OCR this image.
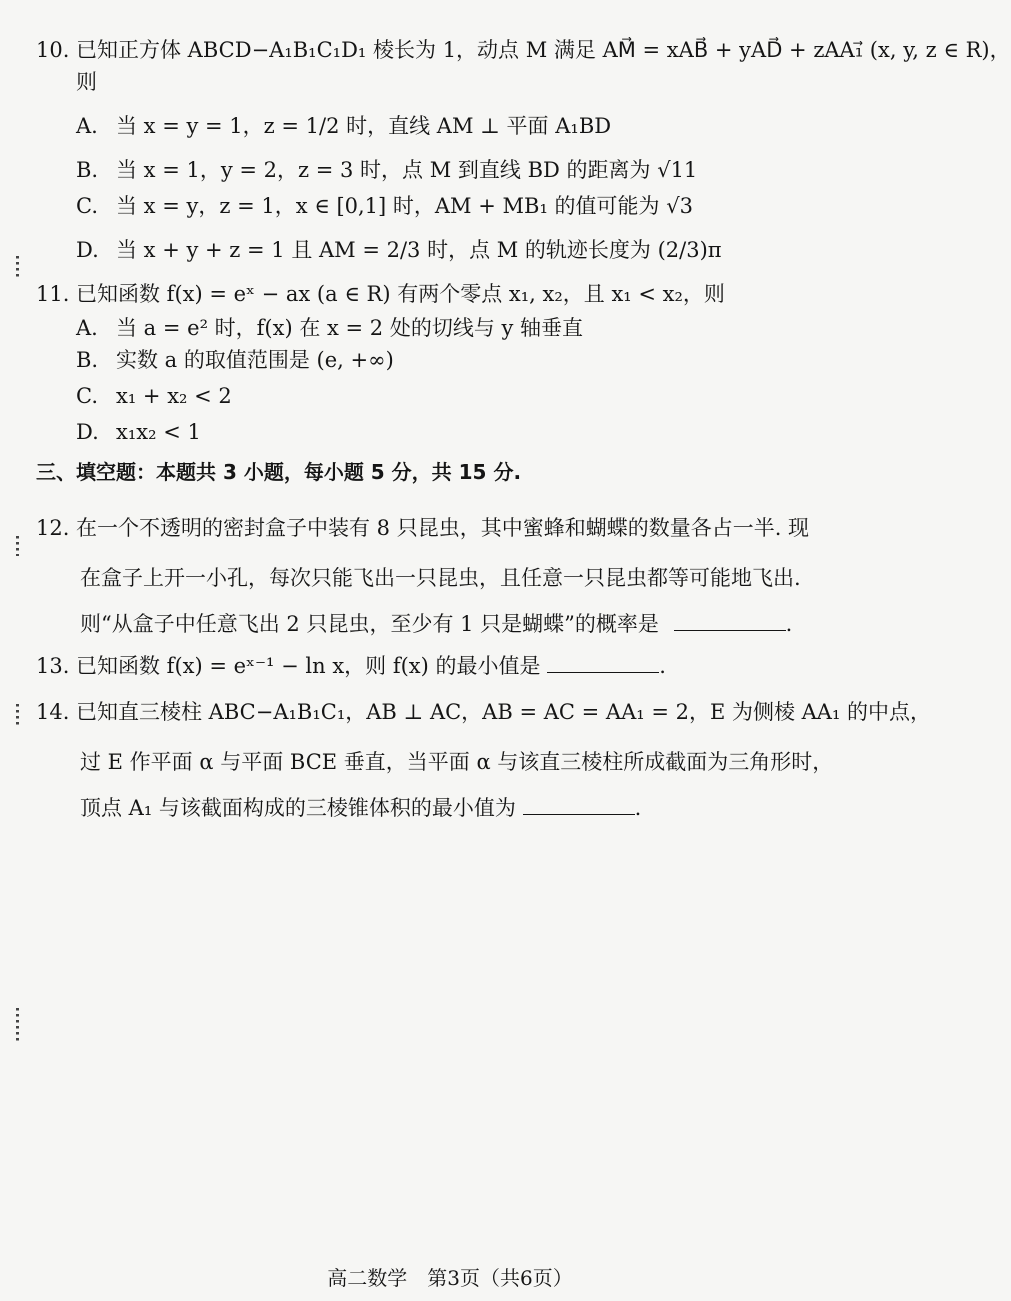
10. 已知正方体 ABCD−A₁B₁C₁D₁ 棱长为 1，动点 M 满足 AM⃗ = xAB⃗ + yAD⃗ + zAA₁⃗ (x, y, z ∈ R)，
则
A. 当 x = y = 1，z = 1/2 时，直线 AM ⊥ 平面 A₁BD
B. 当 x = 1，y = 2，z = 3 时，点 M 到直线 BD 的距离为 √11
C. 当 x = y，z = 1，x ∈ [0,1] 时，AM + MB₁ 的值可能为 √3
D. 当 x + y + z = 1 且 AM = 2/3 时，点 M 的轨迹长度为 (2/3)π
11. 已知函数 f(x) = eˣ − ax (a ∈ R) 有两个零点 x₁, x₂，且 x₁ < x₂，则
A. 当 a = e² 时，f(x) 在 x = 2 处的切线与 y 轴垂直
B. 实数 a 的取值范围是 (e, +∞)
C. x₁ + x₂ < 2
D. x₁x₂ < 1
三、填空题：本题共 3 小题，每小题 5 分，共 15 分.
12. 在一个不透明的密封盒子中装有 8 只昆虫，其中蜜蜂和蝴蝶的数量各占一半. 现
在盒子上开一小孔，每次只能飞出一只昆虫，且任意一只昆虫都等可能地飞出.
则“从盒子中任意飞出 2 只昆虫，至少有 1 只是蝴蝶”的概率是	.
13. 已知函数 f(x) = eˣ⁻¹ − ln x，则 f(x) 的最小值是	.
14. 已知直三棱柱 ABC−A₁B₁C₁，AB ⊥ AC，AB = AC = AA₁ = 2，E 为侧棱 AA₁ 的中点，
过 E 作平面 α 与平面 BCE 垂直，当平面 α 与该直三棱柱所成截面为三角形时，
顶点 A₁ 与该截面构成的三棱锥体积的最小值为	.
高二数学　第3页（共6页）
